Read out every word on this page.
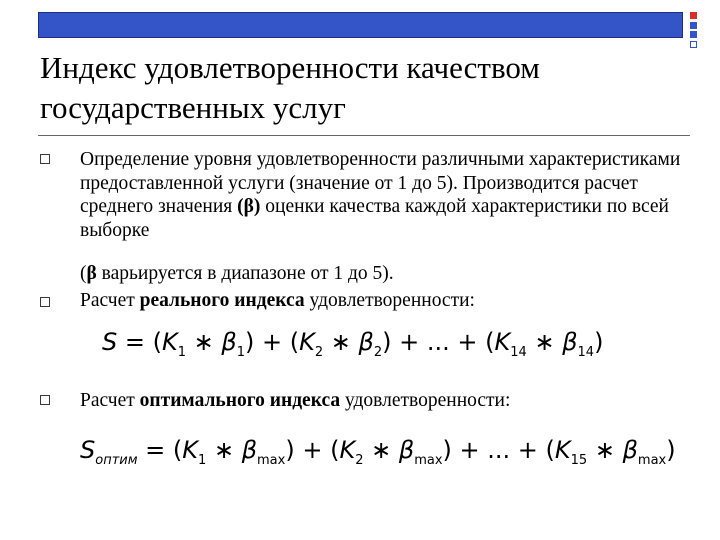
Индекс удовлетворенности качеством государственных услуг
Определение уровня удовлетворенности различными характеристиками предоставленной услуги (значение от 1 до 5). Производится расчет среднего значения (β) оценки качества каждой характеристики по всей выборке
(β варьируется в диапазоне от 1 до 5).
Расчет реального индекса удовлетворенности:
$S = (K_1$ ∗ $\beta_1) + (K_2$ ∗ $\beta_2$) + ... + ($K_{14}$ ∗ $\beta_{14}$)
Расчет оптимального индекса удовлетворенности:
$S_{оптим} = (K_1$ ∗ $\beta_{max}) + (K_2$ ∗ $\beta_{max}$) + ... + ($K_{15}$ ∗ $\beta_{max}$)
